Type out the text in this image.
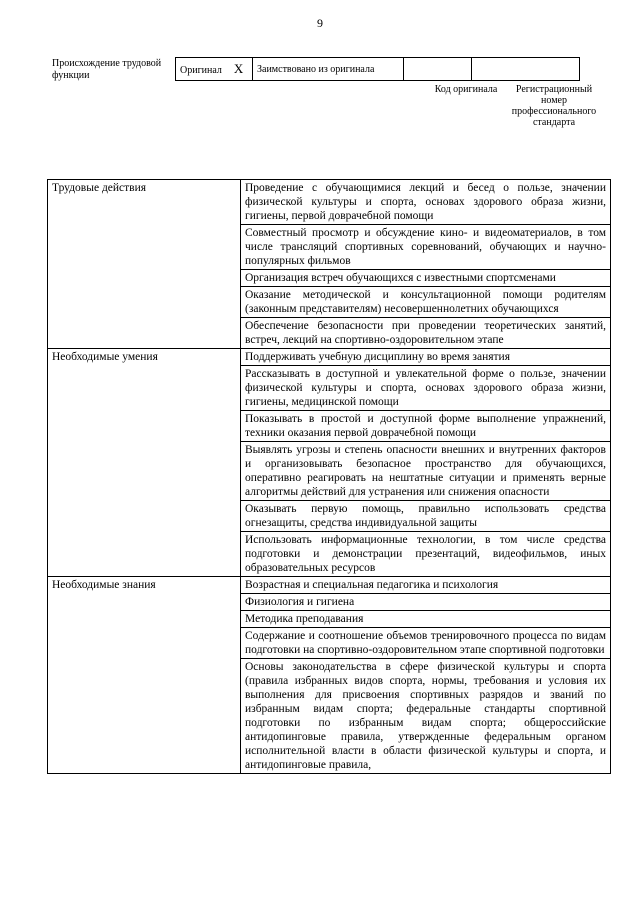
9
Происхождение трудовой функции	Оригинал X	Заимствовано из оригинала		
Код оригинала	Регистрационный номер профессионального стандарта
Трудовые действия	Проведение с обучающимися лекций и бесед о пользе, значении физической культуры и спорта, основах здорового образа жизни, гигиены, первой доврачебной помощи
	Совместный просмотр и обсуждение кино- и видеоматериалов, в том числе трансляций спортивных соревнований, обучающих и научно-популярных фильмов
	Организация встреч обучающихся с известными спортсменами
	Оказание методической и консультационной помощи родителям (законным представителям) несовершеннолетних обучающихся
	Обеспечение безопасности при проведении теоретических занятий, встреч, лекций на спортивно-оздоровительном этапе
Необходимые умения	Поддерживать учебную дисциплину во время занятия
	Рассказывать в доступной и увлекательной форме о пользе, значении физической культуры и спорта, основах здорового образа жизни, гигиены, медицинской помощи
	Показывать в простой и доступной форме выполнение упражнений, техники оказания первой доврачебной помощи
	Выявлять угрозы и степень опасности внешних и внутренних факторов и организовывать безопасное пространство для обучающихся, оперативно реагировать на нештатные ситуации и применять верные алгоритмы действий для устранения или снижения опасности
	Оказывать первую помощь, правильно использовать средства огнезащиты, средства индивидуальной защиты
	Использовать информационные технологии, в том числе средства подготовки и демонстрации презентаций, видеофильмов, иных образовательных ресурсов
Необходимые знания	Возрастная и специальная педагогика и психология
	Физиология и гигиена
	Методика преподавания
	Содержание и соотношение объемов тренировочного процесса по видам подготовки на спортивно-оздоровительном этапе спортивной подготовки
	Основы законодательства в сфере физической культуры и спорта (правила избранных видов спорта, нормы, требования и условия их выполнения для присвоения спортивных разрядов и званий по избранным видам спорта; федеральные стандарты спортивной подготовки по избранным видам спорта; общероссийские антидопинговые правила, утвержденные федеральным органом исполнительной власти в области физической культуры и спорта, и антидопинговые правила,
